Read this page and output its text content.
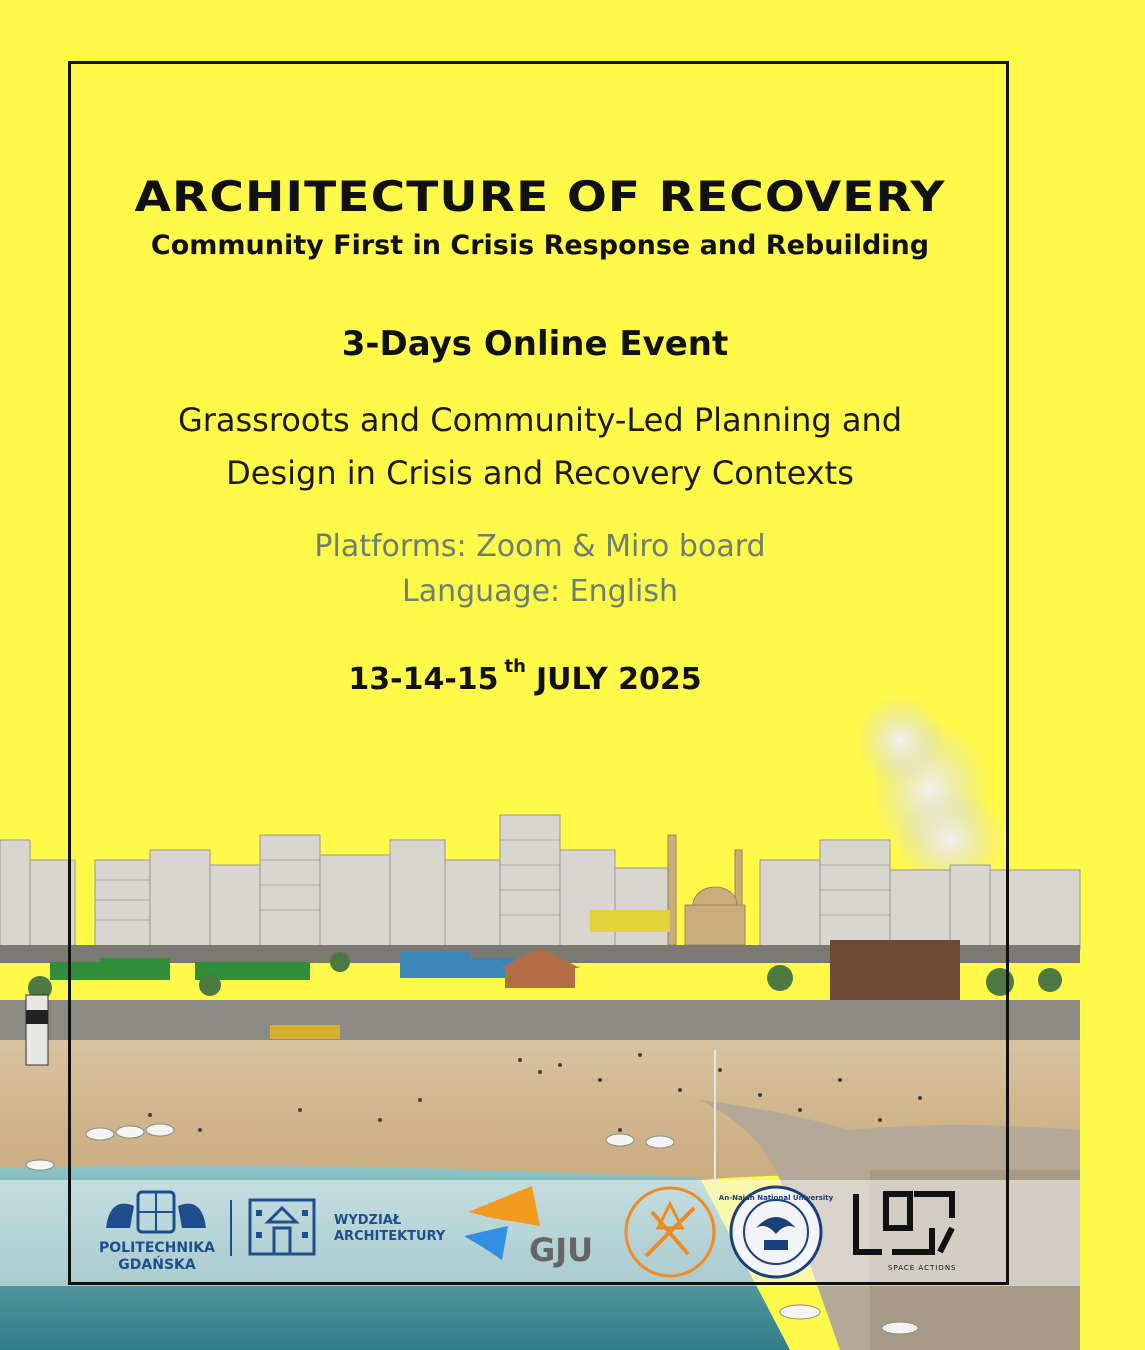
ARCHITECTURE OF RECOVERY
Community First in Crisis Response and Rebuilding
3-Days Online Event
Grassroots and Community-Led Planning and
Design in Crisis and Recovery Contexts
Platforms: Zoom & Miro board
Language: English
13-14-15 $^{th}$ JULY 2025
POLITECHNIKA
GDAŃSKA
WYDZIAŁ
ARCHITEKTURY	GJU
An-Najah National University
SPACE ACTIONS
